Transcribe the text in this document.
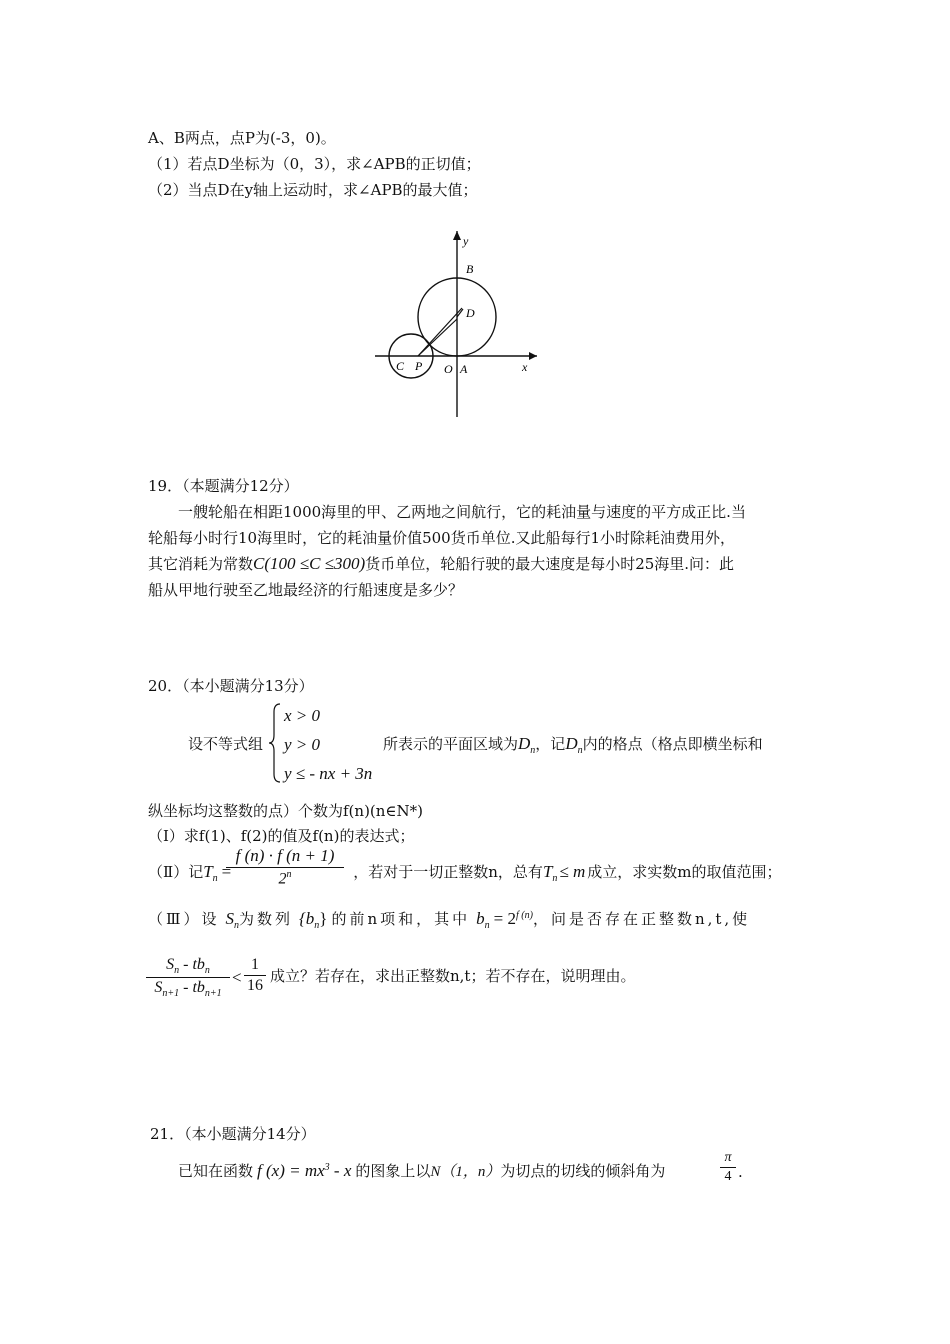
A、B两点，点P为(-3，0)。
（1）若点D坐标为（0，3），求∠APB的正切值；
（2）当点D在y轴上运动时，求∠APB的最大值；
y
x
B
D
C P O A
19．（本题满分12分）
一艘轮船在相距1000海里的甲、乙两地之间航行，它的耗油量与速度的平方成正比.当
轮船每小时行10海里时，它的耗油量价值500货币单位.又此船每行1小时除耗油费用外，
其它消耗为常数C(100 ≤C ≤300)货币单位，轮船行驶的最大速度是每小时25海里.问：此
船从甲地行驶至乙地最经济的行船速度是多少？
20．（本小题满分13分）
设不等式组
x > 0
y > 0
y ≤ - nx + 3n
所表示的平面区域为$D_n$，记$D_n$内的格点（格点即横坐标和
纵坐标均这整数的点）个数为f(n)(n∈N*)
（Ⅰ）求f(1)、f(2)的值及f(n)的表达式；
（Ⅱ）记$T_n$ =	，若对于一切正整数n，总有$T_n \le m$ 成立，求实数m的取值范围；
$\frac{f (n) \cdot f (n + 1)}{2^n}$
（Ⅲ）设 $S_n$为数列 $\{b_n\}$ 的前n项和，其中 $b_n = 2^{f (n)}$，问是否存在正整数n,t,使
$S_n - tb_n$
$S_{n+1} - tb_{n+1}$
< $\frac{1}{16}$ 成立？若存在，求出正整数n,t；若不存在，说明理由。
21．（本小题满分14分）
已知在函数 f $(x) = mx^3 - x$ 的图象上以N（1，n）为切点的切线的倾斜角为	$\frac{\pi}{4}$ .
